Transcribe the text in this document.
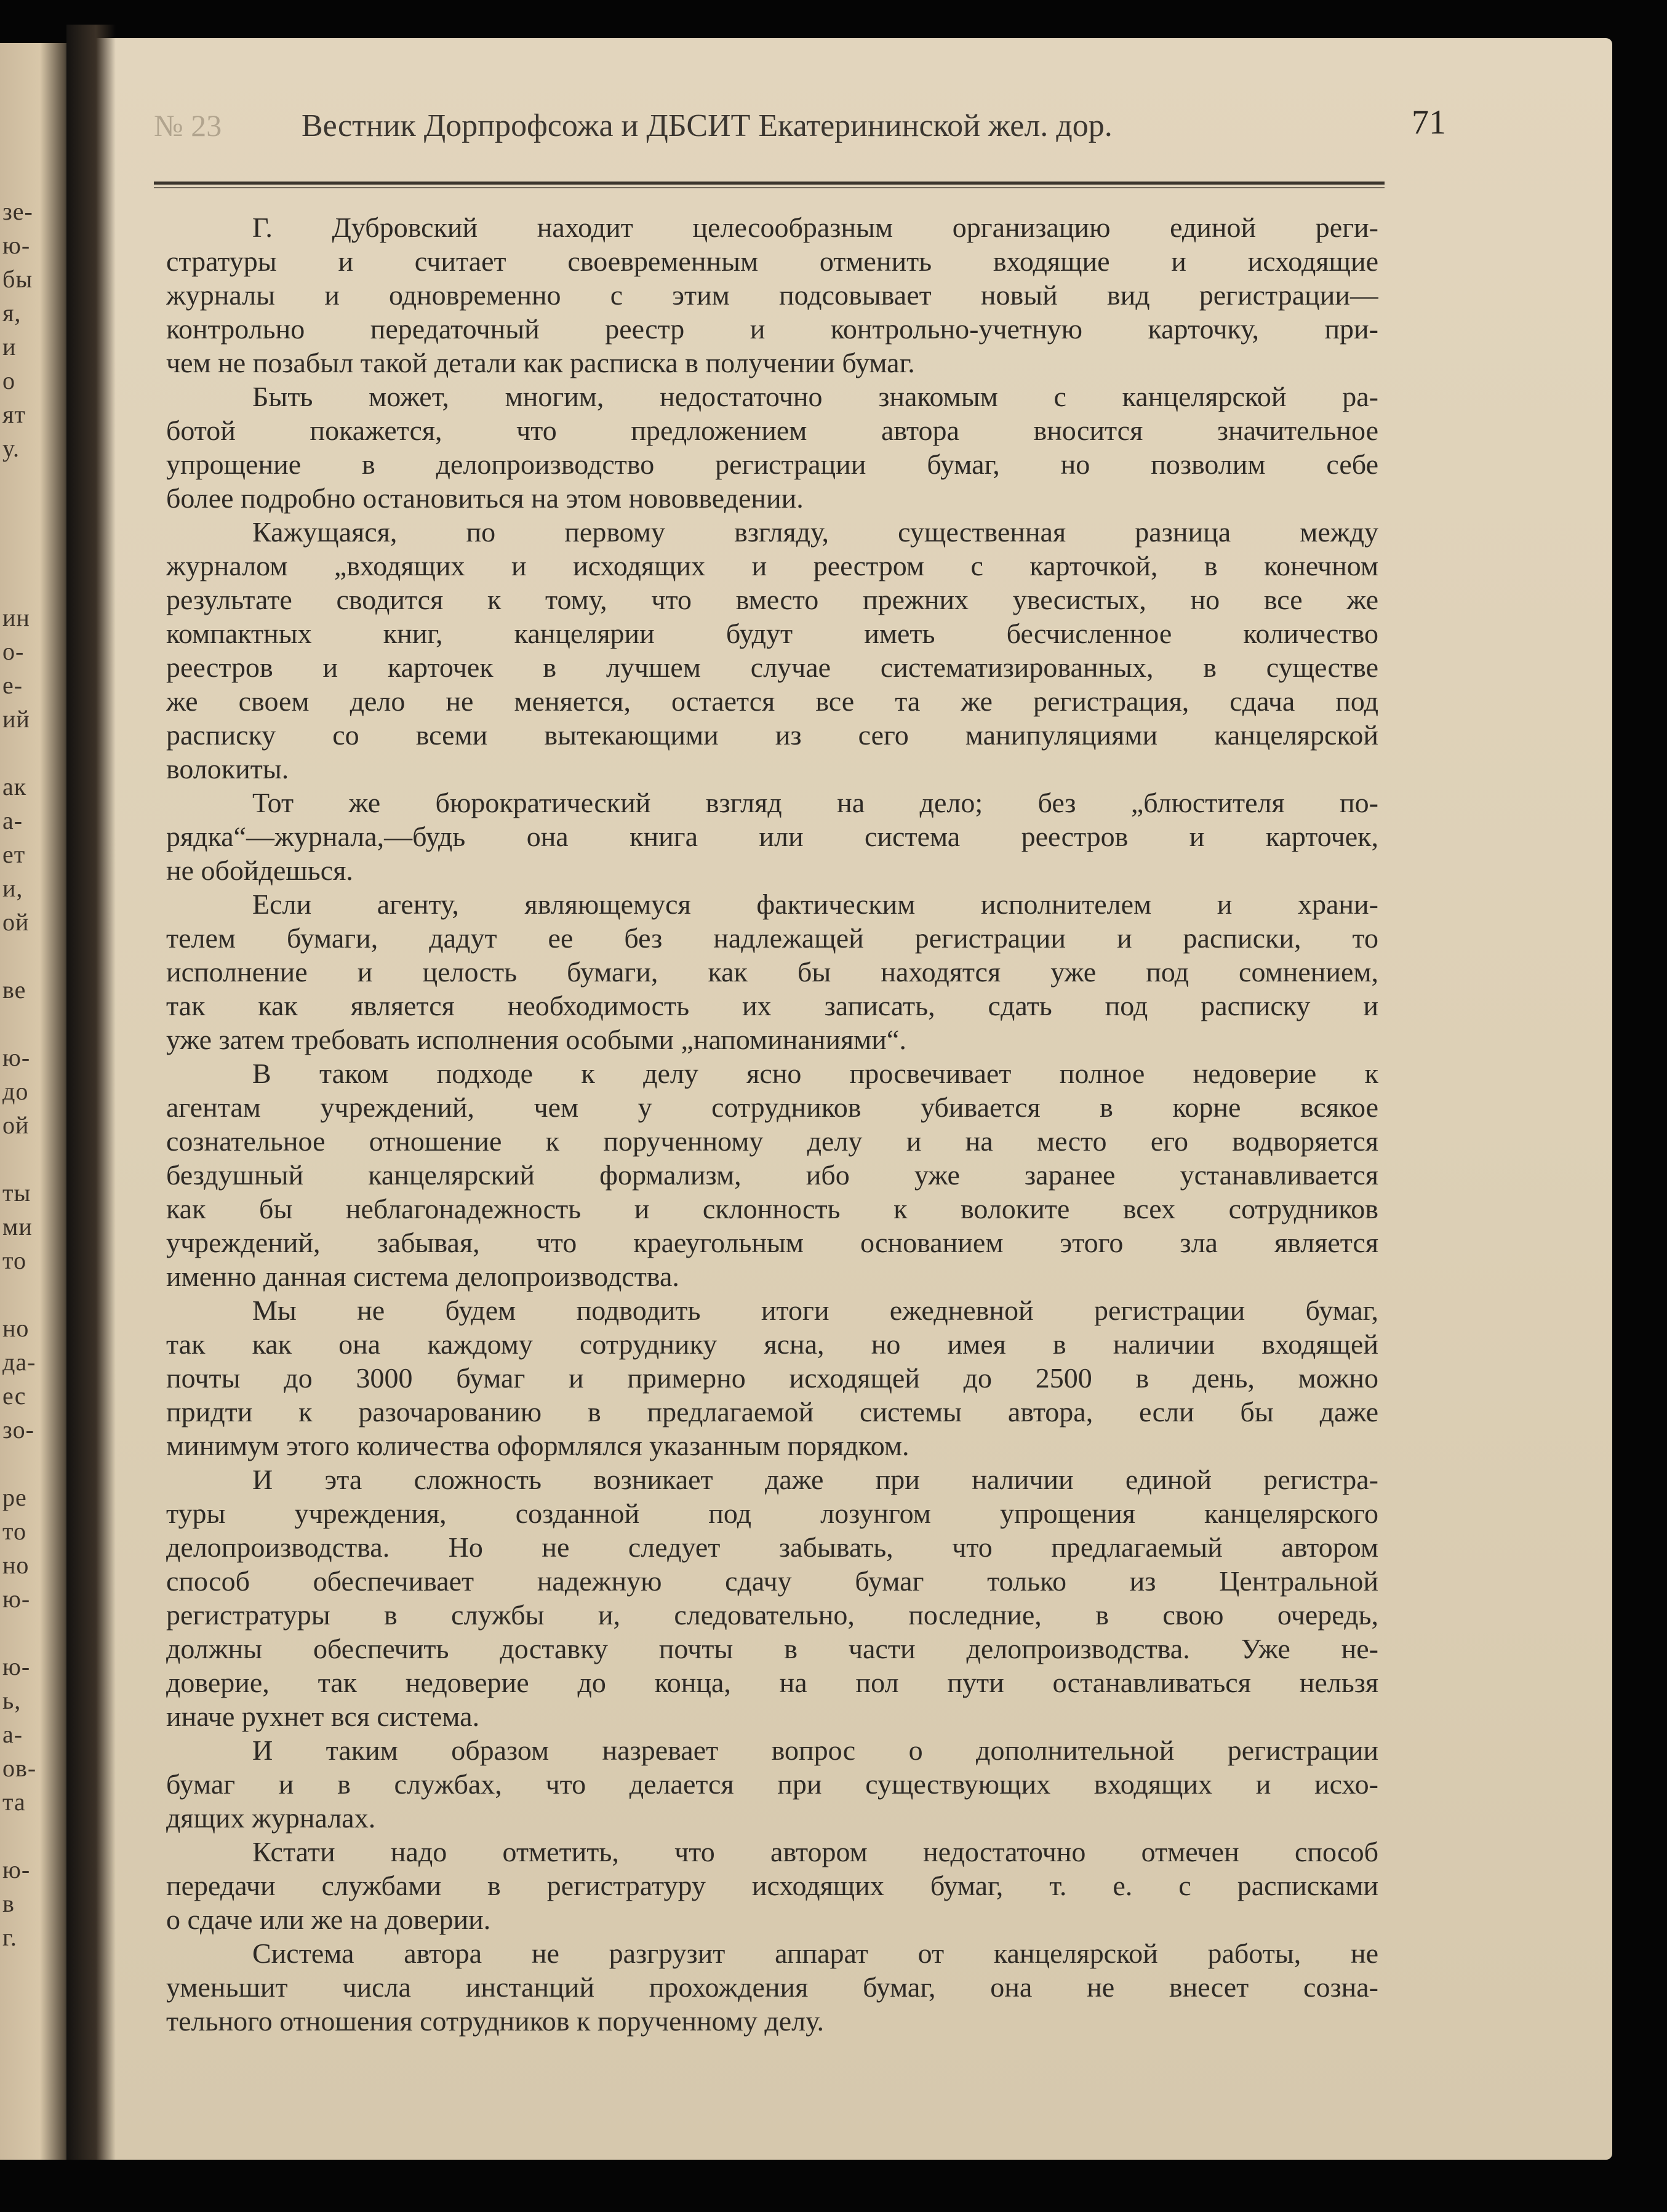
зе-
ю-
бы
я,
и
о
ят
у.
ин
о-
е-
ий
ак
а-
ет
и,
ой
ве
ю-
до
ой
ты
ми
то
но
да-
ес
зо-
ре
то
но
ю-
ю-
ь,
а-
ов-
та
ю-
в
г.
№ 23 Вестник Дорпрофсожа и ДБСИТ Екатерининской жел. дор.	71
Г. Дубровский находит целесообразным организацию единой реги-
стратуры и считает своевременным отменить входящие и исходящие
журналы и одновременно с этим подсовывает новый вид регистрации—
контрольно передаточный реестр и контрольно-учетную карточку, при-
чем не позабыл такой детали как расписка в получении бумаг.
Быть может, многим, недостаточно знакомым с канцелярской ра-
ботой покажется, что предложением автора вносится значительное
упрощение в делопроизводство регистрации бумаг, но позволим себе
более подробно остановиться на этом нововведении.
Кажущаяся, по первому взгляду, существенная разница между
журналом „входящих и исходящих и реестром с карточкой, в конечном
результате сводится к тому, что вместо прежних увесистых, но все же
компактных книг, канцелярии будут иметь бесчисленное количество
реестров и карточек в лучшем случае систематизированных, в существе
же своем дело не меняется, остается все та же регистрация, сдача под
расписку со всеми вытекающими из сего манипуляциями канцелярской
волокиты.
Тот же бюрократический взгляд на дело; без „блюстителя по-
рядка“—журнала,—будь она книга или система реестров и карточек,
не обойдешься.
Если агенту, являющемуся фактическим исполнителем и храни-
телем бумаги, дадут ее без надлежащей регистрации и расписки, то
исполнение и целость бумаги, как бы находятся уже под сомнением,
так как является необходимость их записать, сдать под расписку и
уже затем требовать исполнения особыми „напоминаниями“.
В таком подходе к делу ясно просвечивает полное недоверие к
агентам учреждений, чем у сотрудников убивается в корне всякое
сознательное отношение к порученному делу и на место его водворяется
бездушный канцелярский формализм, ибо уже заранее устанавливается
как бы неблагонадежность и склонность к волоките всех сотрудников
учреждений, забывая, что краеугольным основанием этого зла является
именно данная система делопроизводства.
Мы не будем подводить итоги ежедневной регистрации бумаг,
так как она каждому сотруднику ясна, но имея в наличии входящей
почты до 3000 бумаг и примерно исходящей до 2500 в день, можно
придти к разочарованию в предлагаемой системы автора, если бы даже
минимум этого количества оформлялся указанным порядком.
И эта сложность возникает даже при наличии единой регистра-
туры учреждения, созданной под лозунгом упрощения канцелярского
делопроизводства. Но не следует забывать, что предлагаемый автором
способ обеспечивает надежную сдачу бумаг только из Центральной
регистратуры в службы и, следовательно, последние, в свою очередь,
должны обеспечить доставку почты в части делопроизводства. Уже не-
доверие, так недоверие до конца, на пол пути останавливаться нельзя
иначе рухнет вся система.
И таким образом назревает вопрос о дополнительной регистрации
бумаг и в службах, что делается при существующих входящих и исхо-
дящих журналах.
Кстати надо отметить, что автором недостаточно отмечен способ
передачи службами в регистратуру исходящих бумаг, т. е. с расписками
о сдаче или же на доверии.
Система автора не разгрузит аппарат от канцелярской работы, не
уменьшит числа инстанций прохождения бумаг, она не внесет созна-
тельного отношения сотрудников к порученному делу.
